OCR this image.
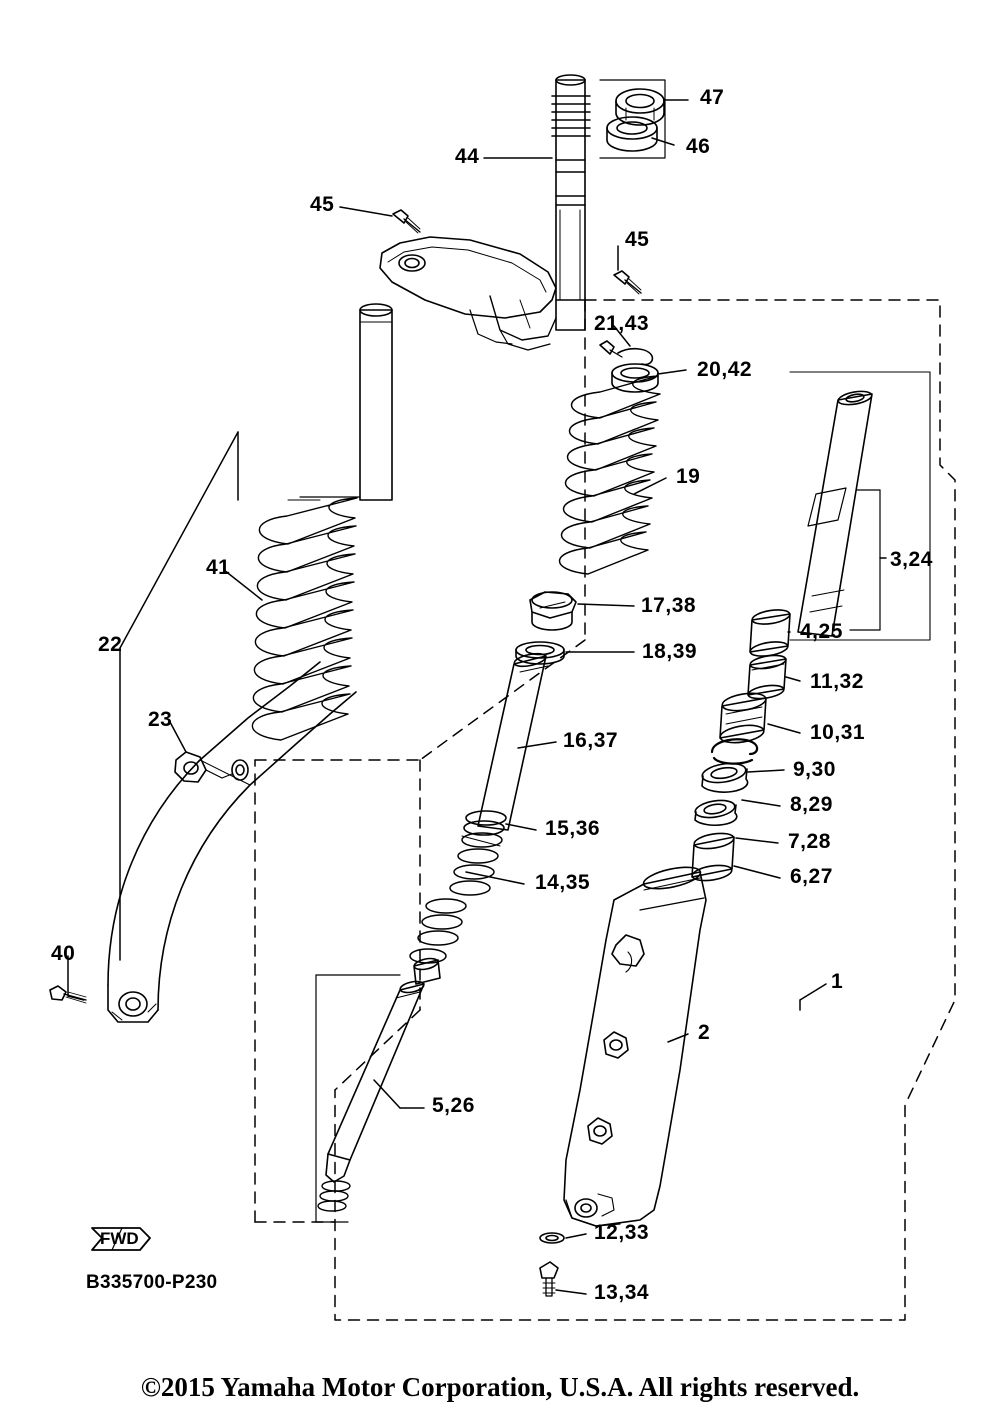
47
46
44
45
45
21,43
20,42
19
3,24
41
4,25
22
17,38
11,32
18,39
23
10,31
16,37
9,30
8,29
7,28
15,36
6,27
14,35
40
1
2
5,26
12,33
13,34
FWD
B335700-P230
©2015 Yamaha Motor Corporation, U.S.A. All rights reserved.
